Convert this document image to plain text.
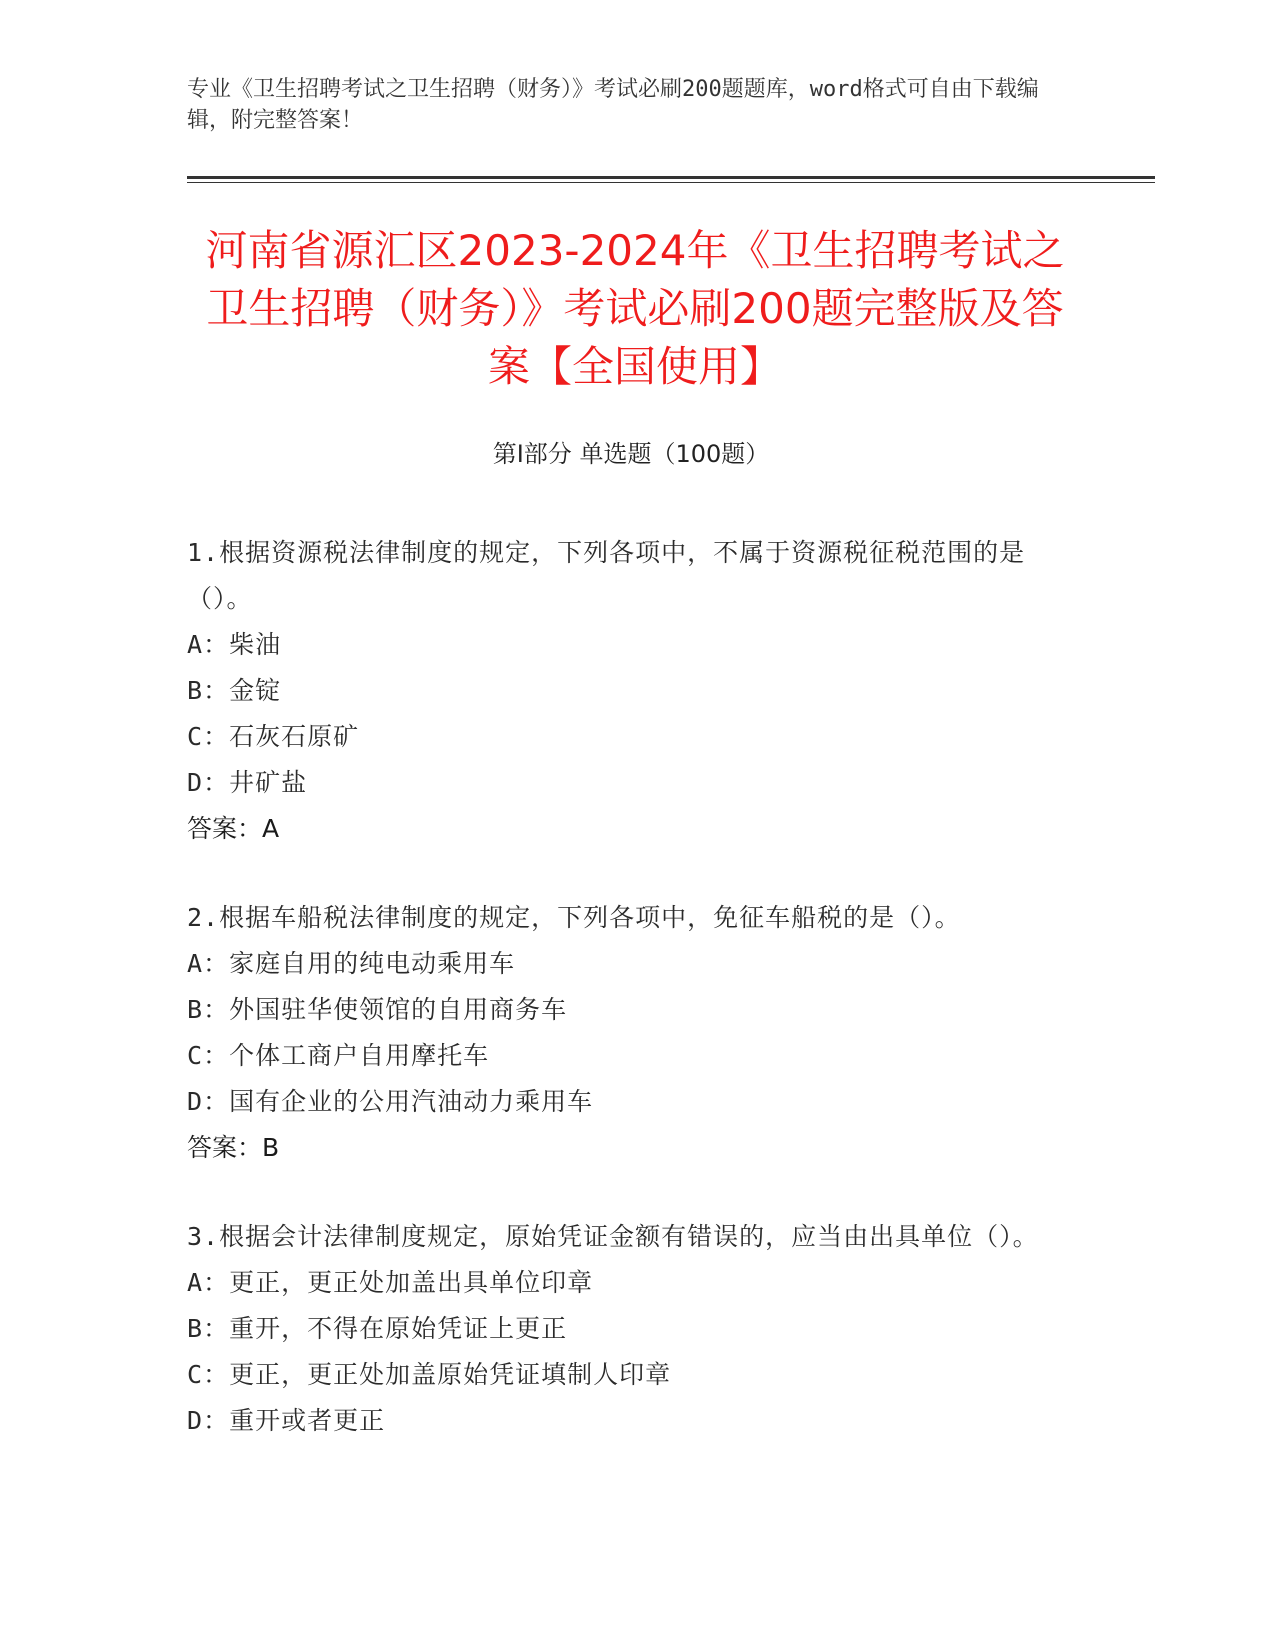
专业《卫生招聘考试之卫生招聘（财务）》考试必刷200题题库，word格式可自由下载编辑，附完整答案！
河南省源汇区2023-2024年《卫生招聘考试之卫生招聘（财务）》考试必刷200题完整版及答案【全国使用】
第I部分 单选题（100题）
1.根据资源税法律制度的规定，下列各项中，不属于资源税征税范围的是（）。
A：柴油
B：金锭
C：石灰石原矿
D：井矿盐
答案：A
2.根据车船税法律制度的规定，下列各项中，免征车船税的是（）。
A：家庭自用的纯电动乘用车
B：外国驻华使领馆的自用商务车
C：个体工商户自用摩托车
D：国有企业的公用汽油动力乘用车
答案：B
3.根据会计法律制度规定，原始凭证金额有错误的，应当由出具单位（）。
A：更正，更正处加盖出具单位印章
B：重开，不得在原始凭证上更正
C：更正，更正处加盖原始凭证填制人印章
D：重开或者更正
